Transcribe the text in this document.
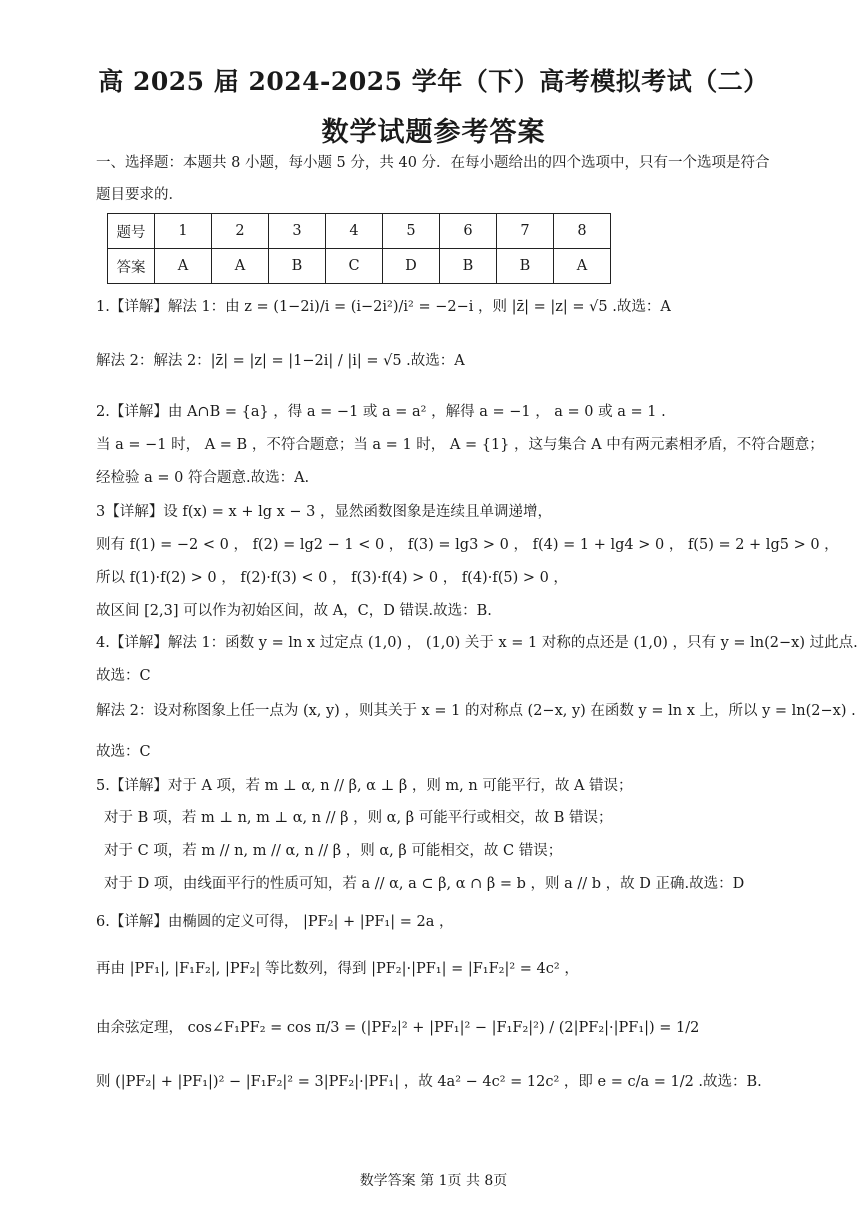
高 2025 届 2024-2025 学年（下）高考模拟考试（二）
数学试题参考答案
一、选择题：本题共 8 小题，每小题 5 分，共 40 分．在每小题给出的四个选项中，只有一个选项是符合
题目要求的．
题号	1	2	3	4	5	6	7	8
答案	A	A	B	C	D	B	B	A
1.【详解】解法 1：由 z = (1−2i)/i = (i−2i²)/i² = −2−i ，则 |z̄| = |z| = √5 .故选：A
解法 2：解法 2：|z̄| = |z| = |1−2i| / |i| = √5 .故选：A
2.【详解】由 A∩B = {a} ，得 a = −1 或 a = a² ，解得 a = −1 ， a = 0 或 a = 1 .
当 a = −1 时， A = B ，不符合题意；当 a = 1 时， A = {1} ，这与集合 A 中有两元素相矛盾，不符合题意；
经检验 a = 0 符合题意.故选：A.
3【详解】设 f(x) = x + lg x − 3 ，显然函数图象是连续且单调递增，
则有 f(1) = −2 < 0 ， f(2) = lg2 − 1 < 0 ， f(3) = lg3 > 0 ， f(4) = 1 + lg4 > 0 ， f(5) = 2 + lg5 > 0 ，
所以 f(1)·f(2) > 0 ， f(2)·f(3) < 0 ， f(3)·f(4) > 0 ， f(4)·f(5) > 0 ，
故区间 [2,3] 可以作为初始区间，故 A，C，D 错误.故选：B.
4.【详解】解法 1：函数 y = ln x 过定点 (1,0) ， (1,0) 关于 x = 1 对称的点还是 (1,0) ，只有 y = ln(2−x) 过此点.
故选：C
解法 2：设对称图象上任一点为 (x, y) ，则其关于 x = 1 的对称点 (2−x, y) 在函数 y = ln x 上，所以 y = ln(2−x) .
故选：C
5.【详解】对于 A 项，若 m ⊥ α, n // β, α ⊥ β ，则 m, n 可能平行，故 A 错误；
对于 B 项，若 m ⊥ n, m ⊥ α, n // β ，则 α, β 可能平行或相交，故 B 错误；
对于 C 项，若 m // n, m // α, n // β ，则 α, β 可能相交，故 C 错误；
对于 D 项，由线面平行的性质可知，若 a // α, a ⊂ β, α ∩ β = b ，则 a // b ，故 D 正确.故选：D
6.【详解】由椭圆的定义可得， |PF₂| + |PF₁| = 2a ，
再由 |PF₁|, |F₁F₂|, |PF₂| 等比数列，得到 |PF₂|·|PF₁| = |F₁F₂|² = 4c² ，
由余弦定理， cos∠F₁PF₂ = cos π/3 = (|PF₂|² + |PF₁|² − |F₁F₂|²) / (2|PF₂|·|PF₁|) = 1/2
则 (|PF₂| + |PF₁|)² − |F₁F₂|² = 3|PF₂|·|PF₁| ，故 4a² − 4c² = 12c² ，即 e = c/a = 1/2 .故选：B.
数学答案 第 1页 共 8页
